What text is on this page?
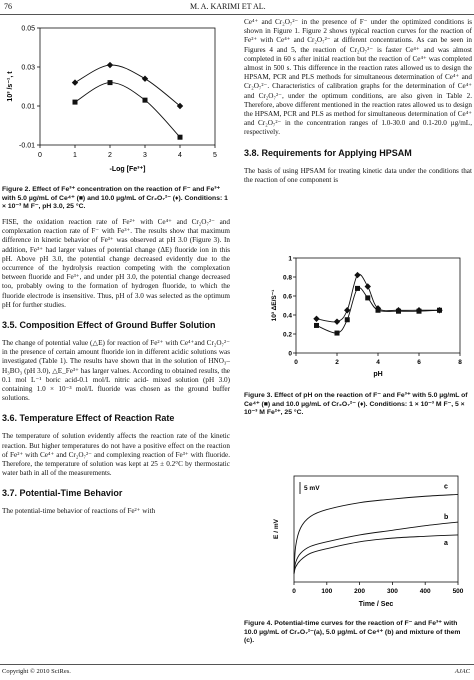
76	M. A. KARIMI ET AL.
0	1	2	3	4	5
-0.01
0.01
0.03
0.05
-Log [Fe³⁺]
10³ /s⁻¹, t
Figure 2. Effect of Fe³⁺ concentration on the reaction of F⁻ and Fe³⁺ with 5.0 µg/mL of Ce⁴⁺ (■) and 10.0 µg/mL of Cr₂O₇²⁻ (♦). Conditions: 1 × 10⁻³ M F⁻, pH 3.0, 25 °C.

FISE, the oxidation reaction rate of Fe²⁺ with Ce⁴⁺ and Cr₂O₇²⁻ and complexation reaction rate of F⁻ with Fe³⁺. The results show that maximum difference in kinetic behavior of Fe³⁺ was observed at pH 3.0 (Figure 3). In addition, Fe³⁺ had larger values of potential change (ΔE) fluoride ion in this pH. Above pH 3.0, the potential change decreased evidently due to the occurrence of the hydrolysis reaction competing with the complexation between fluoride and Fe³⁺, and under pH 3.0, the potential change decreased too, probably owing to the formation of hydrogen fluoride, to which the fluoride electrode is insensitive. Thus, pH of 3.0 was selected as the optimum pH for further studies.

3.5. Composition Effect of Ground Buffer Solution

The change of potential value (△E) for reaction of Fe²⁺ with Ce⁴⁺and Cr₂O₇²⁻ in the presence of certain amount fluoride ion in different acidic solutions was investigated (Table 1). The results have shown that in the solution of HNO₃–H₃BO₃ (pH 3.0), △E_Fe³⁺ has larger values. According to obtained results, the 0.1 mol L⁻¹ boric acid-0.1 mol/L nitric acid- mixed solution (pH 3.0) containing 1.0 × 10⁻³ mol/L fluoride was chosen as the ground buffer solutions.

3.6. Temperature Effect of Reaction Rate

The temperature of solution evidently affects the reaction rate of the kinetic reaction. But higher temperatures do not have a positive effect on the reaction of Fe²⁺ with Ce⁴⁺ and Cr₂O₇²⁻ and complexing reaction of Fe³⁺ with fluoride. Therefore, the temperature of solution was kept at 25 ± 0.2°C by thermostatic water bath in all of the measurements.

3.7. Potential-Time Behavior

The potential-time behavior of reactions of Fe²⁺ with

Ce⁴⁺ and Cr₂O₇²⁻ in the presence of F⁻ under the optimized conditions is shown in Figure 1. Figure 2 shows typical reaction curves for the reaction of Fe²⁺ with Ce⁴⁺ and Cr₂O₇²⁻ at different concentrations. As can be seen in Figures 4 and 5, the reaction of Cr₂O₇²⁻ is faster Ce⁴⁺ and was almost completed in 60 s after initial reaction but the reaction of Ce⁴⁺ was completed almost in 500 s. This difference in the reaction rates allowed us to design the HPSAM, PCR and PLS methods for simultaneous determination of Ce⁴⁺ and Cr₂O₇²⁻. Characteristics of calibration graphs for the determination of Ce⁴⁺ and Cr₂O₇²⁻, under the optimum conditions, are also given in Table 2. Therefore, above different mentioned in the reaction rates allowed us to design the HPSAM, PCR and PLS as method for simultaneous determination of Ce⁴⁺ and Cr₂O₇²⁻ in the concentration ranges of 1.0-30.0 and 0.1-20.0 µg/mL, respectively.

3.8. Requirements for Applying HPSAM

The basis of using HPSAM for treating kinetic data under the conditions that the reaction of one component is

0	2	4	6	8
0
0.2
0.4
0.6
0.8
1
pH
10³ ΔE/S⁻¹
Figure 3. Effect of pH on the reaction of F⁻ and Fe³⁺ with 5.0 µg/mL of Ce⁴⁺ (■) and 10.0 µg/mL of Cr₂O₇²⁻ (♦). Conditions: 1 × 10⁻³ M F⁻, 5 × 10⁻³ M Fe²⁺, 25 °C.
0	100	200	300	400	500
5 mV	c
b
a
Time / Sec
E / mV
Figure 4. Potential-time curves for the reaction of F⁻ and Fe³⁺ with 10.0 µg/mL of Cr₂O₇²⁻(a), 5.0 µg/mL of Ce⁴⁺ (b) and mixture of them (c).
Copyright © 2010 SciRes.	AJAC
